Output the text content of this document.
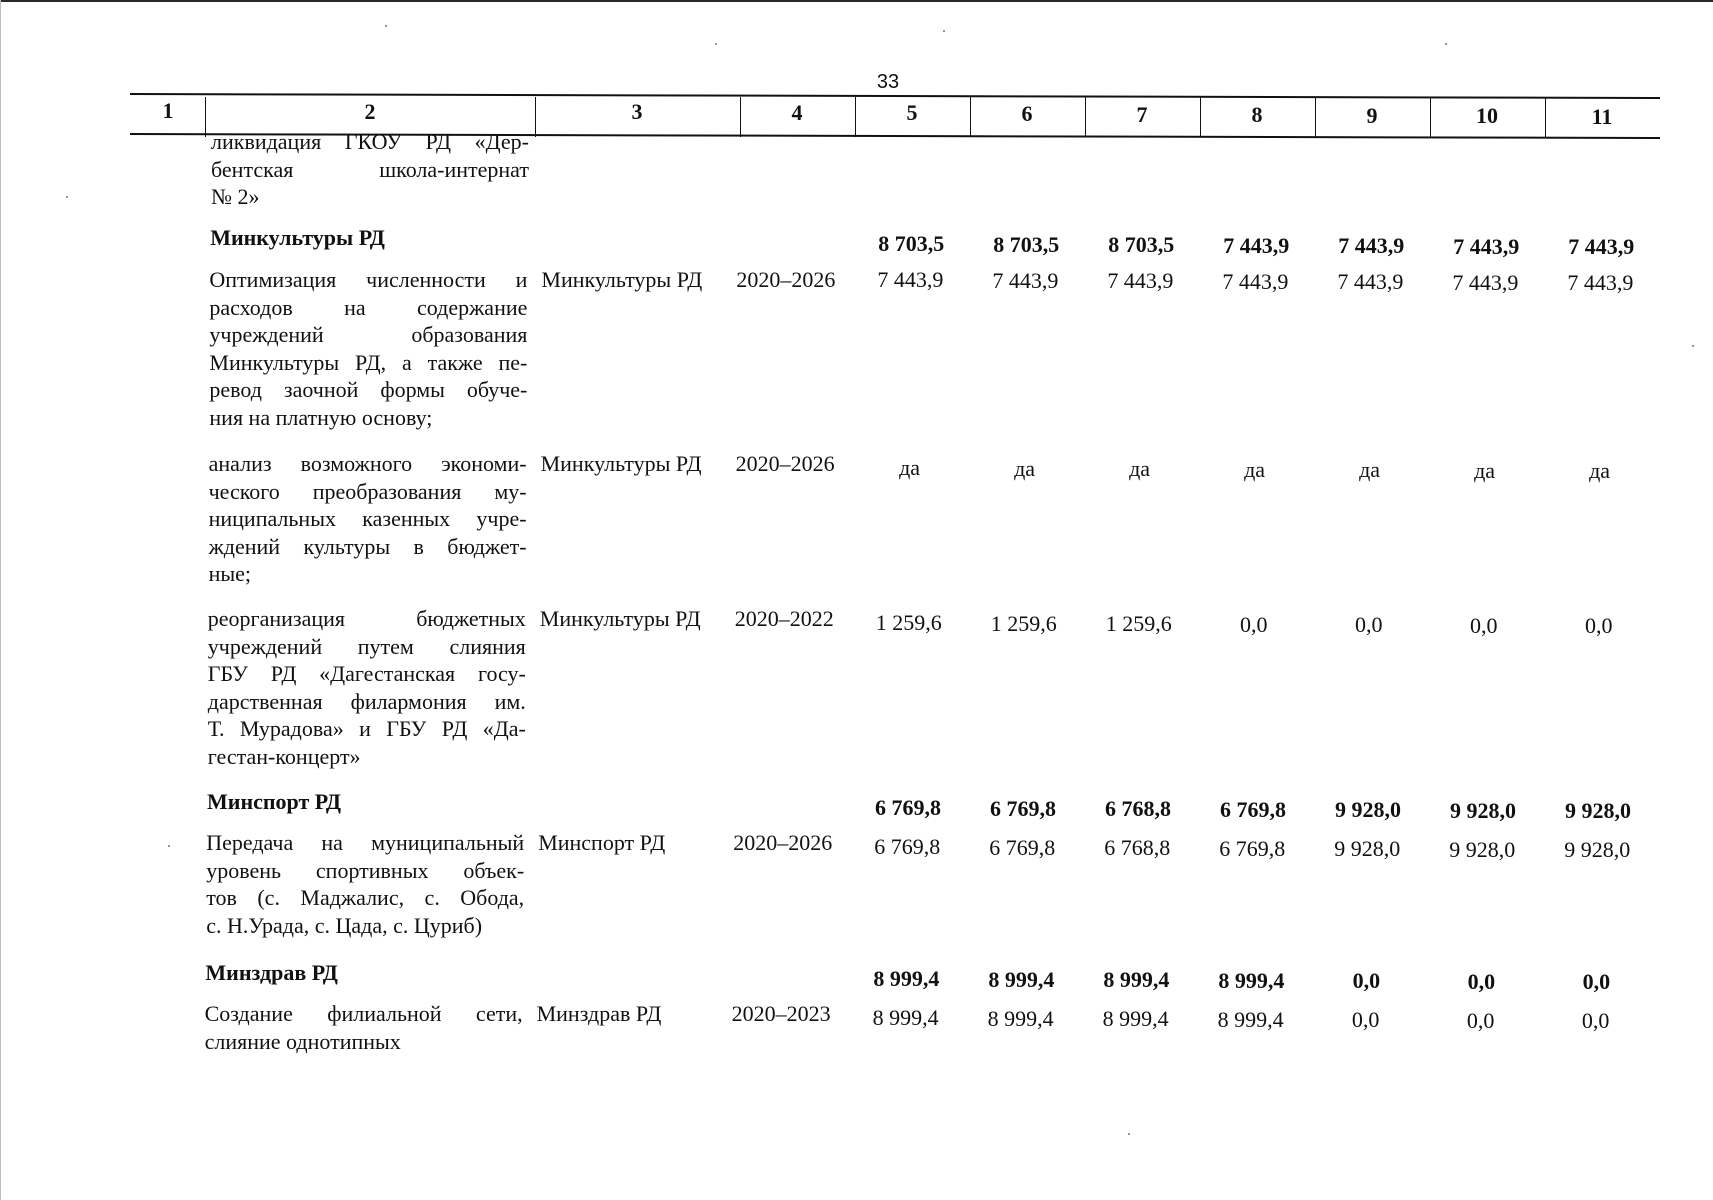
33
1	2	3	4	5	6	7	8	9	10	11
ликвидация ГКОУ РД «Дер-
бентская школа-интернат
№ 2»
Минкультуры РД	8 703,5	8 703,5	8 703,5	7 443,9	7 443,9	7 443,9	7 443,9
Оптимизация численности и
расходов на содержание
учреждений образования
Минкультуры РД, а также пе-
ревод заочной формы обуче-
ния на платную основу;
Минкультуры РД 2020–2026	7 443,9	7 443,9	7 443,9	7 443,9	7 443,9	7 443,9	7 443,9
анализ возможного экономи-
ческого преобразования му-
ниципальных казенных учре-
ждений культуры в бюджет-
ные;
Минкультуры РД 2020–2026	да	да	да	да	да	да	да
реорганизация бюджетных
учреждений путем слияния
ГБУ РД «Дагестанская госу-
дарственная филармония им.
Т. Мурадова» и ГБУ РД «Да-
гестан-концерт»
Минкультуры РД 2020–2022	1 259,6	1 259,6	1 259,6	0,0	0,0	0,0	0,0
Минспорт РД	6 769,8	6 769,8	6 768,8	6 769,8	9 928,0	9 928,0	9 928,0
Передача на муниципальный
уровень спортивных объек-
тов (с. Маджалис, с. Обода,
с. Н.Урада, с. Цада, с. Цуриб)
Минспорт РД	2020–2026	6 769,8	6 769,8	6 768,8	6 769,8	9 928,0	9 928,0	9 928,0
Минздрав РД	8 999,4	8 999,4	8 999,4	8 999,4	0,0	0,0	0,0
Создание филиальной сети,
слияние однотипных
Минздрав РД	2020–2023	8 999,4	8 999,4	8 999,4	8 999,4	0,0	0,0	0,0
